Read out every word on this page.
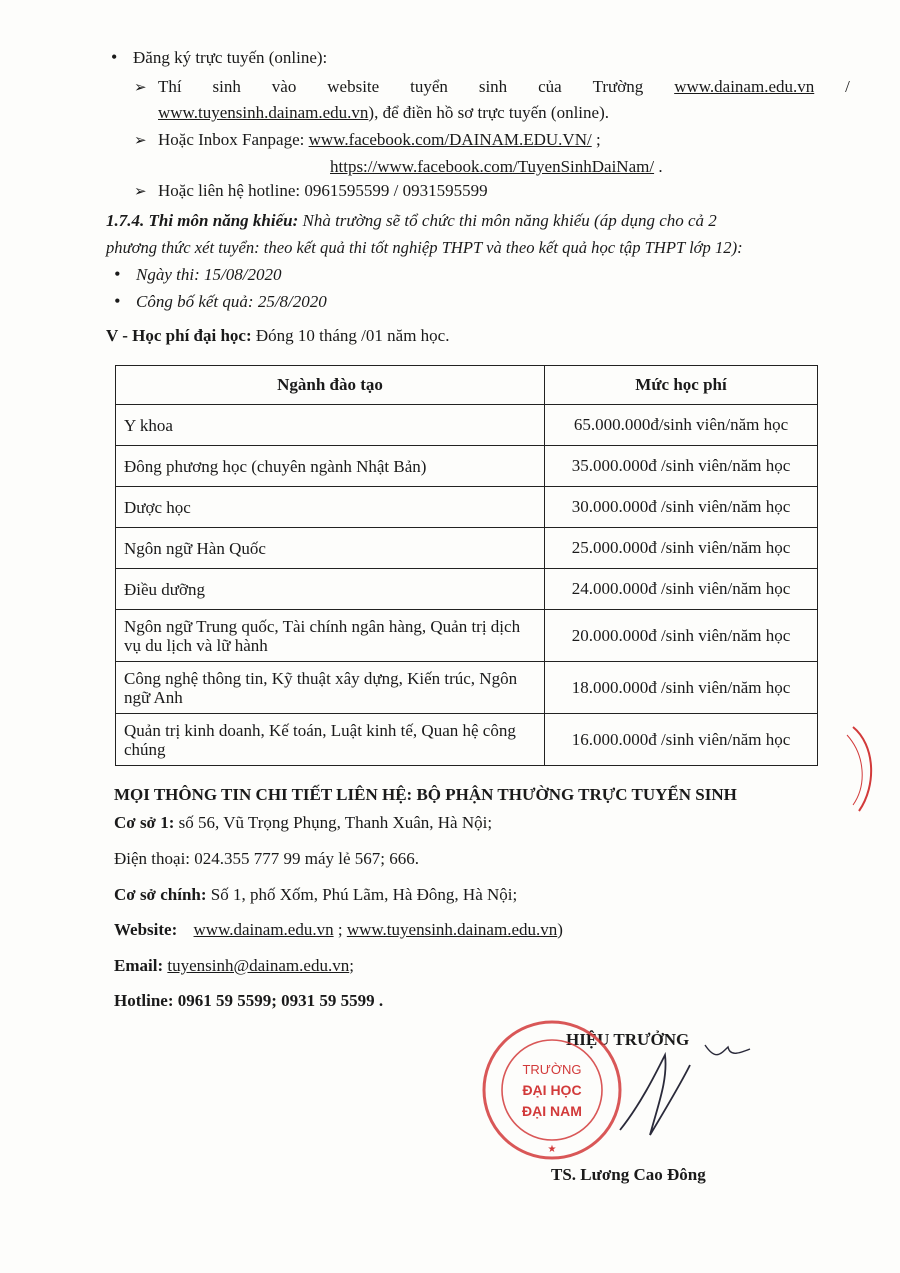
• Đăng ký trực tuyến (online):
➢ Thí sinh vào website tuyển sinh của Trường www.dainam.edu.vn /
www.tuyensinh.dainam.edu.vn), để điền hồ sơ trực tuyến (online).
➢ Hoặc Inbox Fanpage: www.facebook.com/DAINAM.EDU.VN/ ;
https://www.facebook.com/TuyenSinhDaiNam/ .
➢ Hoặc liên hệ hotline: 0961595599 / 0931595599
1.7.4. Thi môn năng khiếu: Nhà trường sẽ tổ chức thi môn năng khiếu (áp dụng cho cả 2
phương thức xét tuyển: theo kết quả thi tốt nghiệp THPT và theo kết quả học tập THPT lớp 12):
• Ngày thi: 15/08/2020
• Công bố kết quả: 25/8/2020
V - Học phí đại học: Đóng 10 tháng /01 năm học.
Ngành đào tạo	Mức học phí
Y khoa	65.000.000đ/sinh viên/năm học
Đông phương học (chuyên ngành Nhật Bản)	35.000.000đ /sinh viên/năm học
Dược học	30.000.000đ /sinh viên/năm học
Ngôn ngữ Hàn Quốc	25.000.000đ /sinh viên/năm học
Điều dưỡng	24.000.000đ /sinh viên/năm học
Ngôn ngữ Trung quốc, Tài chính ngân hàng, Quản trị dịch vụ du lịch và lữ hành	20.000.000đ /sinh viên/năm học
Công nghệ thông tin, Kỹ thuật xây dựng, Kiến trúc, Ngôn ngữ Anh	18.000.000đ /sinh viên/năm học
Quản trị kinh doanh, Kế toán, Luật kinh tế, Quan hệ công chúng	16.000.000đ /sinh viên/năm học
MỌI THÔNG TIN CHI TIẾT LIÊN HỆ: BỘ PHẬN THƯỜNG TRỰC TUYỂN SINH
Cơ sở 1: số 56, Vũ Trọng Phụng, Thanh Xuân, Hà Nội;
Điện thoại: 024.355 777 99 máy lẻ 567; 666.
Cơ sở chính: Số 1, phố Xốm, Phú Lãm, Hà Đông, Hà Nội;
Website: www.dainam.edu.vn ; www.tuyensinh.dainam.edu.vn)
Email: tuyensinh@dainam.edu.vn;
Hotline: 0961 59 5599; 0931 59 5599 .
HIỆU TRƯỞNG
TRƯỜNG
ĐẠI HỌC
ĐẠI NAM
★
TS. Lương Cao Đông
